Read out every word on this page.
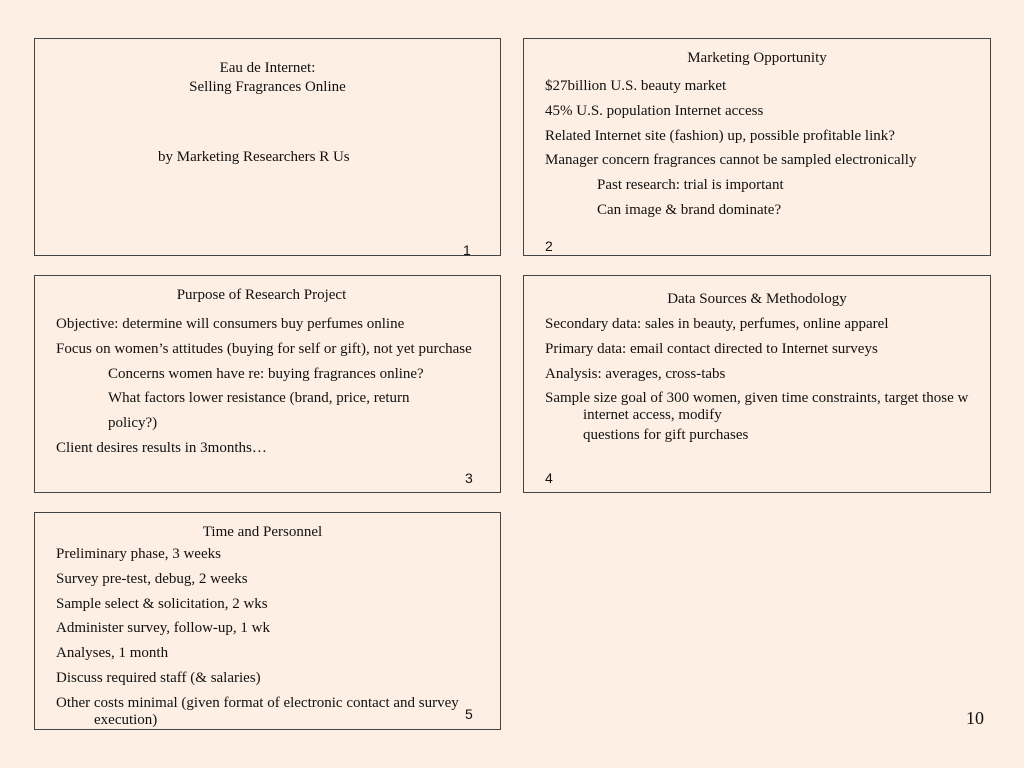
Eau de Internet:
Selling Fragrances Online
by Marketing Researchers R Us
1
Marketing Opportunity
$27billion U.S. beauty market
45% U.S. population Internet access
Related Internet site (fashion) up, possible profitable link?
Manager concern fragrances cannot be sampled electronically
Past research: trial is important
Can image & brand dominate?
2
Purpose of Research Project
Objective: determine will consumers buy perfumes online
Focus on women’s attitudes (buying for self or gift), not yet purchase
Concerns women have re: buying fragrances online?
What factors lower resistance (brand, price, return
policy?)
Client desires results in 3months…
3
Data Sources & Methodology
Secondary data: sales in beauty, perfumes, online apparel
Primary data: email contact directed to Internet surveys
Analysis: averages, cross-tabs
Sample size goal of 300 women, given time constraints, target those w internet access, modify
questions for gift purchases
4
Time and Personnel
Preliminary phase, 3 weeks
Survey pre-test, debug, 2 weeks
Sample select & solicitation, 2 wks
Administer survey, follow-up, 1 wk
Analyses, 1 month
Discuss required staff (& salaries)
Other costs minimal (given format of electronic contact and survey execution)	5	10
